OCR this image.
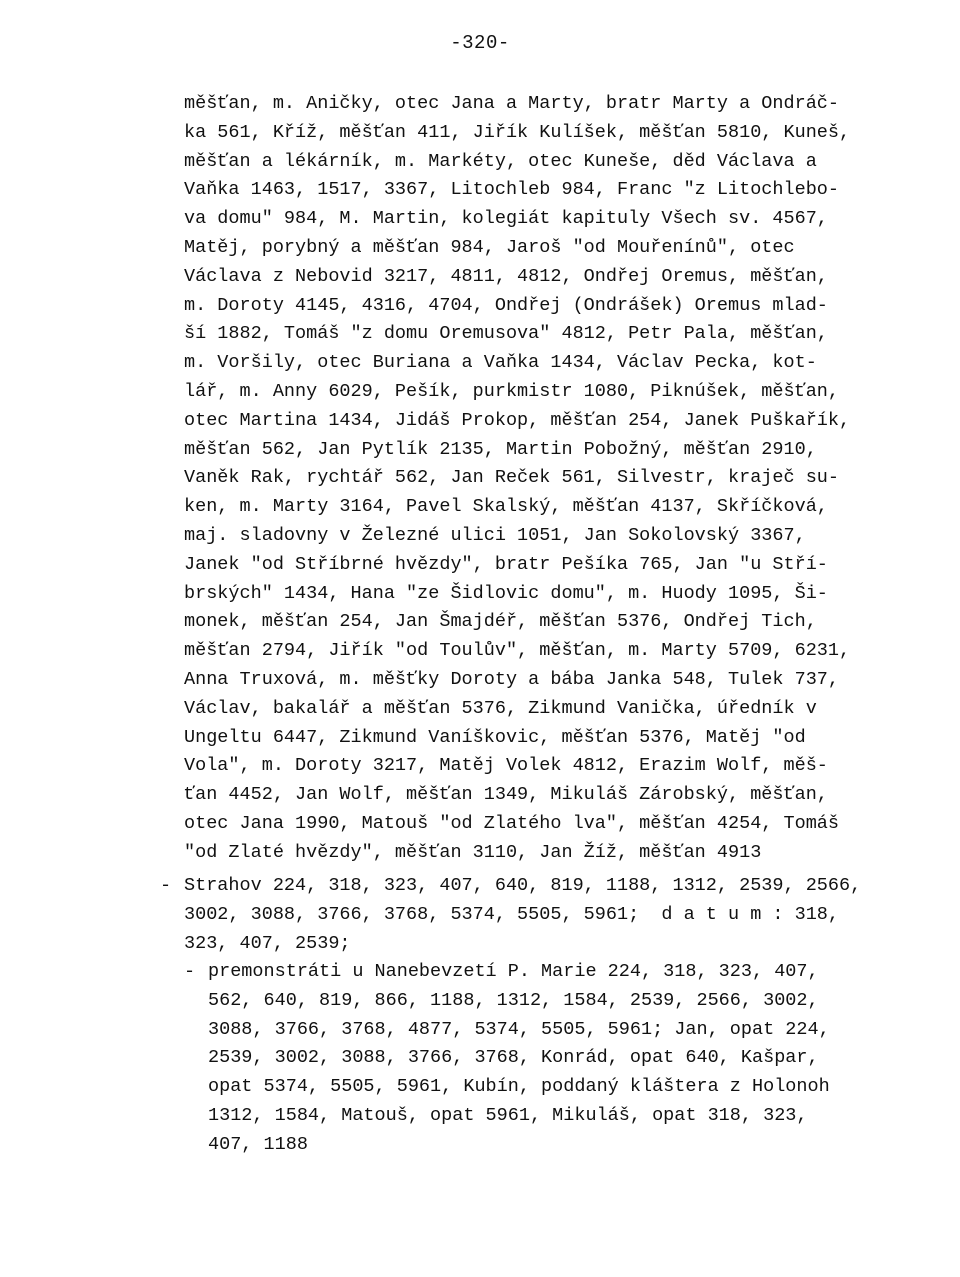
-320-
měšťan, m. Aničky, otec Jana a Marty, bratr Marty a Ondráč-
ka 561, Kříž, měšťan 411, Jiřík Kulíšek, měšťan 5810, Kuneš,
měšťan a lékárník, m. Markéty, otec Kuneše, děd Václava a
Vaňka 1463, 1517, 3367, Litochleb 984, Franc "z Litochlebo-
va domu" 984, M. Martin, kolegiát kapituly Všech sv. 4567,
Matěj, porybný a měšťan 984, Jaroš "od Mouřenínů", otec
Václava z Nebovid 3217, 4811, 4812, Ondřej Oremus, měšťan,
m. Doroty 4145, 4316, 4704, Ondřej (Ondrášek) Oremus mlad-
ší 1882, Tomáš "z domu Oremusova" 4812, Petr Pala, měšťan,
m. Voršily, otec Buriana a Vaňka 1434, Václav Pecka, kot-
lář, m. Anny 6029, Pešík, purkmistr 1080, Piknúšek, měšťan,
otec Martina 1434, Jidáš Prokop, měšťan 254, Janek Puškařík,
měšťan 562, Jan Pytlík 2135, Martin Pobožný, měšťan 2910,
Vaněk Rak, rychtář 562, Jan Reček 561, Silvestr, kraječ su-
ken, m. Marty 3164, Pavel Skalský, měšťan 4137, Skříčková,
maj. sladovny v Železné ulici 1051, Jan Sokolovský 3367,
Janek "od Stříbrné hvězdy", bratr Pešíka 765, Jan "u Stří-
brských" 1434, Hana "ze Šidlovic domu", m. Huody 1095, Ši-
monek, měšťan 254, Jan Šmajdéř, měšťan 5376, Ondřej Tich,
měšťan 2794, Jiřík "od Toulův", měšťan, m. Marty 5709, 6231,
Anna Truxová, m. měšťky Doroty a bába Janka 548, Tulek 737,
Václav, bakalář a měšťan 5376, Zikmund Vanička, úředník v
Ungeltu 6447, Zikmund Vaníškovic, měšťan 5376, Matěj "od
Vola", m. Doroty 3217, Matěj Volek 4812, Erazim Wolf, měš-
ťan 4452, Jan Wolf, měšťan 1349, Mikuláš Zárobský, měšťan,
otec Jana 1990, Matouš "od Zlatého lva", měšťan 4254, Tomáš
"od Zlaté hvězdy", měšťan 3110, Jan Žíž, měšťan 4913
- Strahov 224, 318, 323, 407, 640, 819, 1188, 1312, 2539, 2566,
3002, 3088, 3766, 3768, 5374, 5505, 5961;  d a t u m : 318,
323, 407, 2539;
- premonstráti u Nanebevzetí P. Marie 224, 318, 323, 407,
562, 640, 819, 866, 1188, 1312, 1584, 2539, 2566, 3002,
3088, 3766, 3768, 4877, 5374, 5505, 5961; Jan, opat 224,
2539, 3002, 3088, 3766, 3768, Konrád, opat 640, Kašpar,
opat 5374, 5505, 5961, Kubín, poddaný kláštera z Holonoh
1312, 1584, Matouš, opat 5961, Mikuláš, opat 318, 323,
407, 1188
